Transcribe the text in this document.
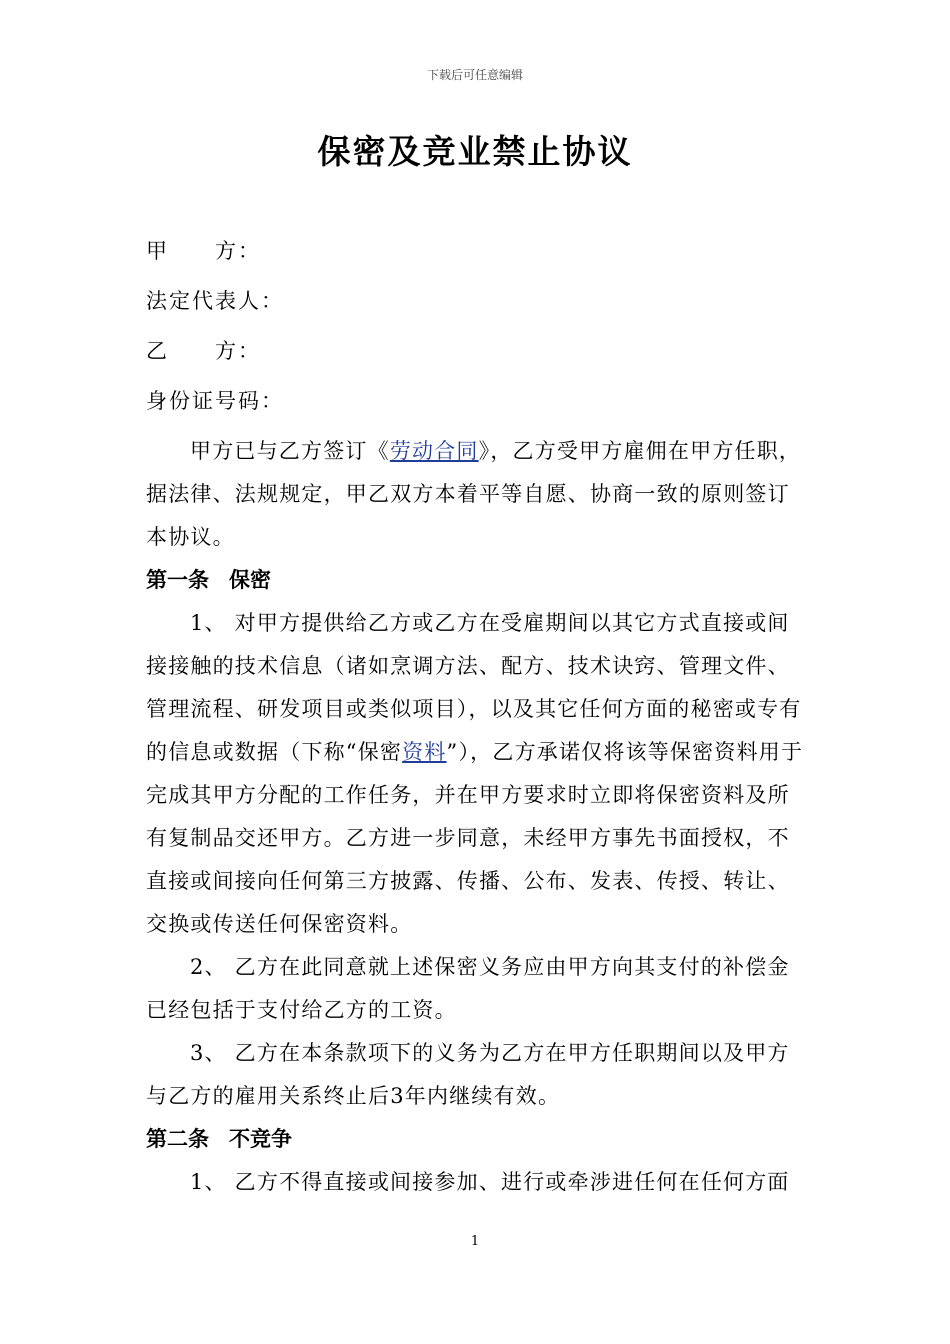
下载后可任意编辑
保密及竞业禁止协议

甲　　方：

法定代表人：

乙　　方：

身份证号码：

甲方已与乙方签订《劳动合同》，乙方受甲方雇佣在甲方任职，据法律、法规规定，甲乙双方本着平等自愿、协商一致的原则签订本协议。

第一条 保密

1、 对甲方提供给乙方或乙方在受雇期间以其它方式直接或间接接触的技术信息（诸如烹调方法、配方、技术诀窍、管理文件、管理流程、研发项目或类似项目），以及其它任何方面的秘密或专有的信息或数据（下称“保密资料”），乙方承诺仅将该等保密资料用于完成其甲方分配的工作任务，并在甲方要求时立即将保密资料及所有复制品交还甲方。乙方进一步同意，未经甲方事先书面授权，不直接或间接向任何第三方披露、传播、公布、发表、传授、转让、交换或传送任何保密资料。

2、 乙方在此同意就上述保密义务应由甲方向其支付的补偿金已经包括于支付给乙方的工资。

3、 乙方在本条款项下的义务为乙方在甲方任职期间以及甲方与乙方的雇用关系终止后3年内继续有效。

第二条 不竞争

1、 乙方不得直接或间接参加、进行或牵涉进任何在任何方面

1
